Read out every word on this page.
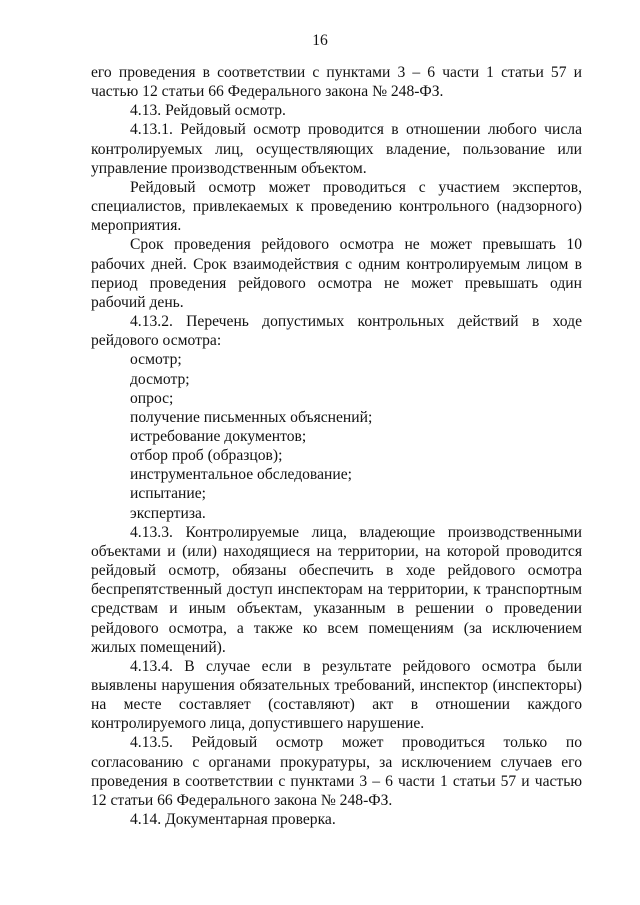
16

его проведения в соответствии с пунктами 3 – 6 части 1 статьи 57 и частью 12 статьи 66 Федерального закона № 248-ФЗ.

4.13. Рейдовый осмотр.

4.13.1. Рейдовый осмотр проводится в отношении любого числа контролируемых лиц, осуществляющих владение, пользование или управление производственным объектом.

Рейдовый осмотр может проводиться с участием экспертов, специалистов, привлекаемых к проведению контрольного (надзорного) мероприятия.

Срок проведения рейдового осмотра не может превышать 10 рабочих дней. Срок взаимодействия с одним контролируемым лицом в период проведения рейдового осмотра не может превышать один рабочий день.

4.13.2. Перечень допустимых контрольных действий в ходе рейдового осмотра:

осмотр;

досмотр;

опрос;

получение письменных объяснений;

истребование документов;

отбор проб (образцов);

инструментальное обследование;

испытание;

экспертиза.

4.13.3. Контролируемые лица, владеющие производственными объектами и (или) находящиеся на территории, на которой проводится рейдовый осмотр, обязаны обеспечить в ходе рейдового осмотра беспрепятственный доступ инспекторам на территории, к транспортным средствам и иным объектам, указанным в решении о проведении рейдового осмотра, а также ко всем помещениям (за исключением жилых помещений).

4.13.4. В случае если в результате рейдового осмотра были выявлены нарушения обязательных требований, инспектор (инспекторы) на месте составляет (составляют) акт в отношении каждого контролируемого лица, допустившего нарушение.

4.13.5. Рейдовый осмотр может проводиться только по согласованию с органами прокуратуры, за исключением случаев его проведения в соответствии с пунктами 3 – 6 части 1 статьи 57 и частью 12 статьи 66 Федерального закона № 248-ФЗ.

4.14. Документарная проверка.
